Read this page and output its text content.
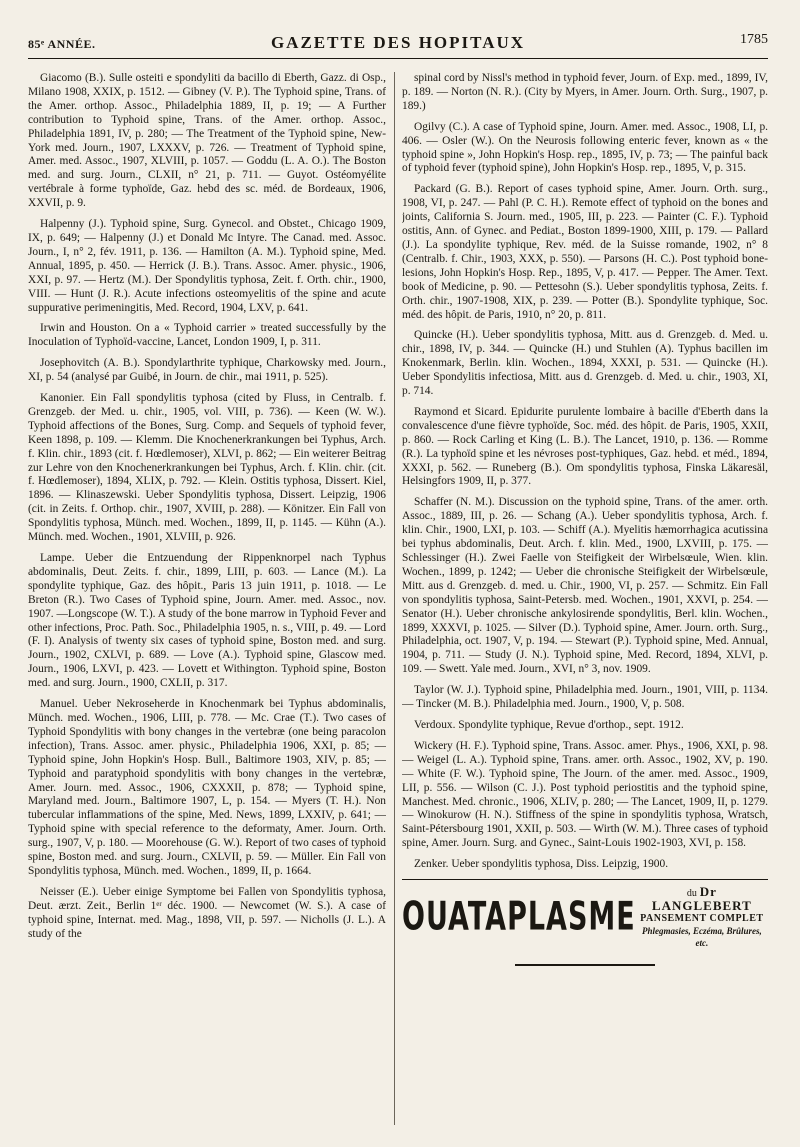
85ᵉ ANNÉE.	GAZETTE DES HOPITAUX	1785

Giacomo (B.). Sulle osteiti e spondyliti da bacillo di Eberth, Gazz. di Osp., Milano 1908, XXIX, p. 1512. — Gibney (V. P.). The Typhoid spine, Trans. of the Amer. orthop. Assoc., Philadelphia 1889, II, p. 19; — A Further contribution to Typhoid spine, Trans. of the Amer. orthop. Assoc., Philadelphia 1891, IV, p. 280; — The Treatment of the Typhoid spine, New-York med. Journ., 1907, LXXXV, p. 726. — Treatment of Typhoid spine, Amer. med. Assoc., 1907, XLVIII, p. 1057. — Goddu (L. A. O.). The Boston med. and surg. Journ., CLXII, n° 21, p. 711. — Guyot. Ostéomyélite vertébrale à forme typhoïde, Gaz. hebd des sc. méd. de Bordeaux, 1906, XXVII, p. 9.

Halpenny (J.). Typhoid spine, Surg. Gynecol. and Obstet., Chicago 1909, IX, p. 649; — Halpenny (J.) et Donald Mc Intyre. The Canad. med. Assoc. Journ., I, n° 2, fév. 1911, p. 136. — Hamilton (A. M.). Typhoid spine, Med. Annual, 1895, p. 450. — Herrick (J. B.). Trans. Assoc. Amer. physic., 1906, XXI, p. 97. — Hertz (M.). Der Spondylitis typhosa, Zeit. f. Orth. chir., 1900, VIII. — Hunt (J. R.). Acute infections osteomyelitis of the spine and acute suppurative perimeningitis, Med. Record, 1904, LXV, p. 641.

Irwin and Houston. On a « Typhoid carrier » treated successfully by the Inoculation of Typhoïd-vaccine, Lancet, London 1909, I, p. 311.

Josephovitch (A. B.). Spondylarthrite typhique, Charkowsky med. Journ., XI, p. 54 (analysé par Guibé, in Journ. de chir., mai 1911, p. 525).

Kanonier. Ein Fall spondylitis typhosa (cited by Fluss, in Centralb. f. Grenzgeb. der Med. u. chir., 1905, vol. VIII, p. 736). — Keen (W. W.). Typhoid affections of the Bones, Surg. Comp. and Sequels of typhoid fever, Keen 1898, p. 109. — Klemm. Die Knochenerkrankungen bei Typhus, Arch. f. Klin. chir., 1893 (cit. f. Hœdlemoser), XLVI, p. 862; — Ein weiterer Beitrag zur Lehre von den Knochenerkrankungen bei Typhus, Arch. f. Klin. chir. (cit. f. Hœdlemoser), 1894, XLIX, p. 792. — Klein. Ostitis typhosa, Dissert. Kiel, 1896. — Klinaszewski. Ueber Spondylitis typhosa, Dissert. Leipzig, 1906 (cit. in Zeits. f. Orthop. chir., 1907, XVIII, p. 288). — Könitzer. Ein Fall von Spondylitis typhosa, Münch. med. Wochen., 1899, II, p. 1145. — Kühn (A.). Münch. med. Wochen., 1901, XLVIII, p. 926.

Lampe. Ueber die Entzuendung der Rippenknorpel nach Typhus abdominalis, Deut. Zeits. f. chir., 1899, LIII, p. 603. — Lance (M.). La spondylite typhique, Gaz. des hôpit., Paris 13 juin 1911, p. 1018. — Le Breton (R.). Two Cases of Typhoid spine, Journ. Amer. med. Assoc., nov. 1907. —Longscope (W. T.). A study of the bone marrow in Typhoid Fever and other infections, Proc. Path. Soc., Philadelphia 1905, n. s., VIII, p. 49. — Lord (F. I). Analysis of twenty six cases of typhoid spine, Boston med. and surg. Journ., 1902, CXLVI, p. 689. — Love (A.). Typhoid spine, Glascow med. Journ., 1906, LXVI, p. 423. — Lovett et Withington. Typhoid spine, Boston med. and surg. Journ., 1900, CXLII, p. 317.

Manuel. Ueber Nekroseherde in Knochenmark bei Typhus abdominalis, Münch. med. Wochen., 1906, LIII, p. 778. — Mc. Crae (T.). Two cases of Typhoid Spondylitis with bony changes in the vertebræ (one being paracolon infection), Trans. Assoc. amer. physic., Philadelphia 1906, XXI, p. 85; — Typhoid spine, John Hopkin's Hosp. Bull., Baltimore 1903, XIV, p. 85; — Typhoid and paratyphoid spondylitis with bony changes in the vertebræ, Amer. Journ. med. Assoc., 1906, CXXXII, p. 878; — Typhoid spine, Maryland med. Journ., Baltimore 1907, L, p. 154. — Myers (T. H.). Non tubercular inflammations of the spine, Med. News, 1899, LXXIV, p. 641; — Typhoid spine with special reference to the deformaty, Amer. Journ. Orth. surg., 1907, V, p. 180. — Moorehouse (G. W.). Report of two cases of typhoid spine, Boston med. and surg. Journ., CXLVII, p. 59. — Müller. Ein Fall von Spondylitis typhosa, Münch. med. Wochen., 1899, II, p. 1664.

Neisser (E.). Ueber einige Symptome bei Fallen von Spondylitis typhosa, Deut. ærzt. Zeit., Berlin 1ᵉʳ déc. 1900. — Newcomet (W. S.). A case of typhoid spine, Internat. med. Mag., 1898, VII, p. 597. — Nicholls (J. L.). A study of the

spinal cord by Nissl's method in typhoid fever, Journ. of Exp. med., 1899, IV, p. 189. — Norton (N. R.). (City by Myers, in Amer. Journ. Orth. Surg., 1907, p. 189.)

Ogilvy (C.). A case of Typhoid spine, Journ. Amer. med. Assoc., 1908, LI, p. 406. — Osler (W.). On the Neurosis following enteric fever, known as « the typhoid spine », John Hopkin's Hosp. rep., 1895, IV, p. 73; — The painful back of typhoid fever (typhoid spine), John Hopkin's Hosp. rep., 1895, V, p. 315.

Packard (G. B.). Report of cases typhoid spine, Amer. Journ. Orth. surg., 1908, VI, p. 247. — Pahl (P. C. H.). Remote effect of typhoid on the bones and joints, California S. Journ. med., 1905, III, p. 223. — Painter (C. F.). Typhoid ostitis, Ann. of Gynec. and Pediat., Boston 1899-1900, XIII, p. 179. — Pallard (J.). La spondylite typhique, Rev. méd. de la Suisse romande, 1902, n° 8 (Centralb. f. Chir., 1903, XXX, p. 550). — Parsons (H. C.). Post typhoid bone-lesions, John Hopkin's Hosp. Rep., 1895, V, p. 417. — Pepper. The Amer. Text. book of Medicine, p. 90. — Pettesohn (S.). Ueber spondylitis typhosa, Zeits. f. Orth. chir., 1907-1908, XIX, p. 239. — Potter (B.). Spondylite typhique, Soc. méd. des hôpit. de Paris, 1910, n° 20, p. 811.

Quincke (H.). Ueber spondylitis typhosa, Mitt. aus d. Grenzgeb. d. Med. u. chir., 1898, IV, p. 344. — Quincke (H.) und Stuhlen (A). Typhus bacillen im Knokenmark, Berlin. klin. Wochen., 1894, XXXI, p. 531. — Quincke (H.). Ueber Spondylitis infectiosa, Mitt. aus d. Grenzgeb. d. Med. u. chir., 1903, XI, p. 714.

Raymond et Sicard. Epidurite purulente lombaire à bacille d'Eberth dans la convalescence d'une fièvre typhoïde, Soc. méd. des hôpit. de Paris, 1905, XXII, p. 860. — Rock Carling et King (L. B.). The Lancet, 1910, p. 136. — Romme (R.). La typhoïd spine et les névroses post-typhiques, Gaz. hebd. et méd., 1894, XXXI, p. 562. — Runeberg (B.). Om spondylitis typhosa, Finska Läkaresäl, Helsingfors 1909, II, p. 377.

Schaffer (N. M.). Discussion on the typhoid spine, Trans. of the amer. orth. Assoc., 1889, III, p. 26. — Schang (A.). Ueber spondylitis typhosa, Arch. f. klin. Chir., 1900, LXI, p. 103. — Schiff (A.). Myelitis hæmorrhagica acutissina bei typhus abdominalis, Deut. Arch. f. klin. Med., 1900, LXVIII, p. 175. — Schlessinger (H.). Zwei Faelle von Steifigkeit der Wirbelsœule, Wien. klin. Wochen., 1899, p. 1242; — Ueber die chronische Steifigkeit der Wirbelsœule, Mitt. aus d. Grenzgeb. d. med. u. Chir., 1900, VI, p. 257. — Schmitz. Ein Fall von spondylitis typhosa, Saint-Petersb. med. Wochen., 1901, XXVI, p. 254. — Senator (H.). Ueber chronische ankylosirende spondylitis, Berl. klin. Wochen., 1899, XXXVI, p. 1025. — Silver (D.). Typhoid spine, Amer. Journ. orth. Surg., Philadelphia, oct. 1907, V, p. 194. — Stewart (P.). Typhoid spine, Med. Annual, 1904, p. 711. — Study (J. N.). Typhoid spine, Med. Record, 1894, XLVI, p. 109. — Swett. Yale med. Journ., XVI, n° 3, nov. 1909.

Taylor (W. J.). Typhoid spine, Philadelphia med. Journ., 1901, VIII, p. 1134. — Tincker (M. B.). Philadelphia med. Journ., 1900, V, p. 508.

Verdoux. Spondylite typhique, Revue d'orthop., sept. 1912.

Wickery (H. F.). Typhoid spine, Trans. Assoc. amer. Phys., 1906, XXI, p. 98. — Weigel (L. A.). Typhoid spine, Trans. amer. orth. Assoc., 1902, XV, p. 190. — White (F. W.). Typhoid spine, The Journ. of the amer. med. Assoc., 1909, LII, p. 556. — Wilson (C. J.). Post typhoid periostitis and the typhoid spine, Manchest. Med. chronic., 1906, XLIV, p. 280; — The Lancet, 1909, II, p. 1279. — Winokurow (H. N.). Stiffness of the spine in spondylitis typhosa, Wratsch, Saint-Pétersbourg 1901, XXII, p. 503. — Wirth (W. M.). Three cases of typhoid spine, Amer. Journ. Surg. and Gynec., Saint-Louis 1902-1903, XVI, p. 158.

Zenker. Ueber spondylitis typhosa, Diss. Leipzig, 1900.

OUATAPLASME
du Dr LANGLEBERT
PANSEMENT COMPLET
Phlegmasies, Eczéma, Brûlures, etc.
